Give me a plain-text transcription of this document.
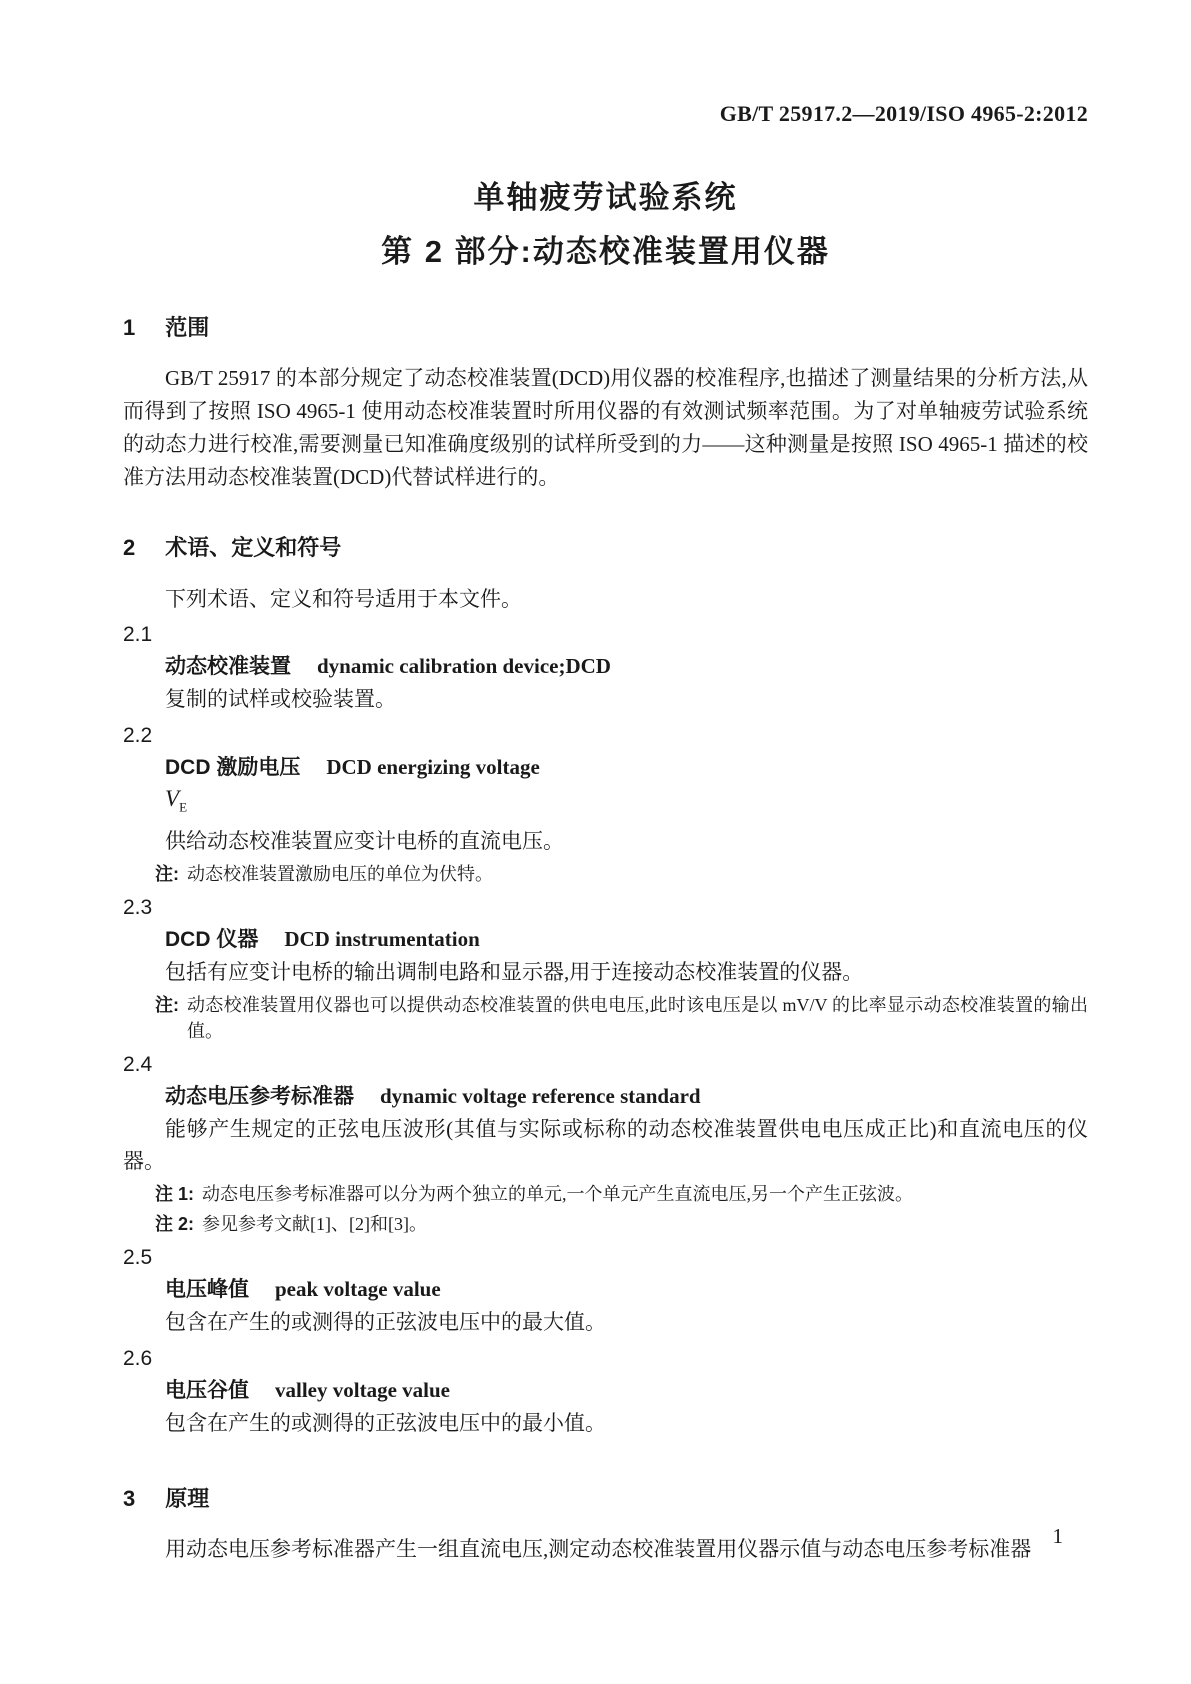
GB/T 25917.2—2019/ISO 4965-2:2012
单轴疲劳试验系统
第 2 部分:动态校准装置用仪器
1 范围

GB/T 25917 的本部分规定了动态校准装置(DCD)用仪器的校准程序,也描述了测量结果的分析方法,从而得到了按照 ISO 4965-1 使用动态校准装置时所用仪器的有效测试频率范围。为了对单轴疲劳试验系统的动态力进行校准,需要测量已知准确度级别的试样所受到的力——这种测量是按照 ISO 4965-1 描述的校准方法用动态校准装置(DCD)代替试样进行的。

2 术语、定义和符号

下列术语、定义和符号适用于本文件。

2.1
动态校准装置 dynamic calibration device;DCD
复制的试样或校验装置。
2.2
DCD 激励电压 DCD energizing voltage
$V_E$
供给动态校准装置应变计电桥的直流电压。
注: 动态校准装置激励电压的单位为伏特。
2.3
DCD 仪器 DCD instrumentation
包括有应变计电桥的输出调制电路和显示器,用于连接动态校准装置的仪器。
注: 动态校准装置用仪器也可以提供动态校准装置的供电电压,此时该电压是以 mV/V 的比率显示动态校准装置的输出值。
2.4
动态电压参考标准器 dynamic voltage reference standard
能够产生规定的正弦电压波形(其值与实际或标称的动态校准装置供电电压成正比)和直流电压的仪器。
注 1: 动态电压参考标准器可以分为两个独立的单元,一个单元产生直流电压,另一个产生正弦波。
注 2: 参见参考文献[1]、[2]和[3]。
2.5
电压峰值 peak voltage value
包含在产生的或测得的正弦波电压中的最大值。
2.6
电压谷值 valley voltage value
包含在产生的或测得的正弦波电压中的最小值。
3 原理

用动态电压参考标准器产生一组直流电压,测定动态校准装置用仪器示值与动态电压参考标准器

1
